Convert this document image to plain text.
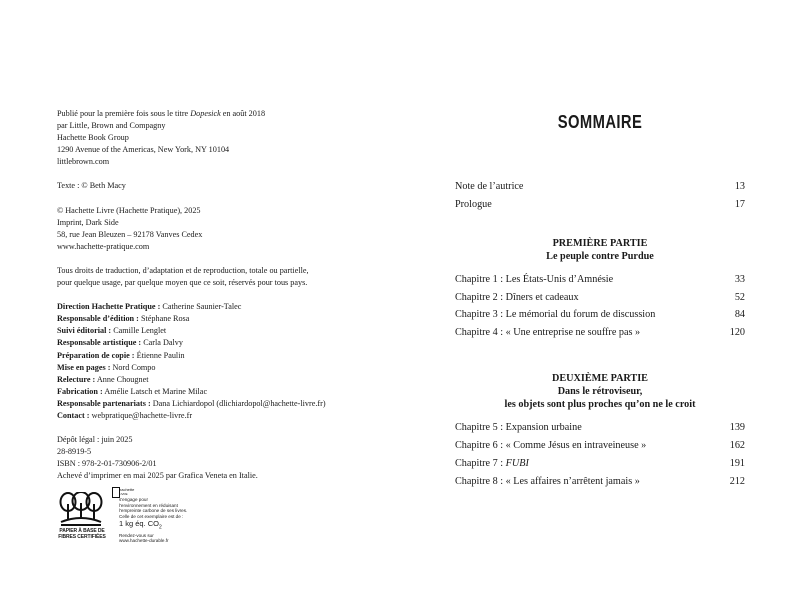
Publié pour la première fois sous le titre Dopesick en août 2018

par Little, Brown and Compagny

Hachette Book Group

1290 Avenue of the Americas, New York, NY 10104

littlebrown.com

Texte : © Beth Macy

© Hachette Livre (Hachette Pratique), 2025

Imprint, Dark Side

58, rue Jean Bleuzen – 92178 Vanves Cedex

www.hachette-pratique.com

Tous droits de traduction, d’adaptation et de reproduction, totale ou partielle,

pour quelque usage, par quelque moyen que ce soit, réservés pour tous pays.

Direction Hachette Pratique : Catherine Saunier-Talec

Responsable d’édition : Stéphane Rosa

Suivi éditorial : Camille Lenglet

Responsable artistique : Carla Dalvy

Préparation de copie : Étienne Paulin

Mise en pages : Nord Compo

Relecture : Anne Chougnet

Fabrication : Amélie Latsch et Marine Milac

Responsable partenariats : Dana Lichiardopol (dlichiardopol@hachette-livre.fr)

Contact : webpratique@hachette-livre.fr

Dépôt légal : juin 2025

28-8919-5

ISBN : 978-2-01-730906-2/01

Achevé d’imprimer en mai 2025 par Grafica Veneta en Italie.

PAPIER À BASE DE
FIBRES CERTIFIÉES
hachette
LIVRE

s'engage pour

l'environnement en réduisant

l'empreinte carbone de ses livres.

Celle de cet exemplaire est de :

1 kg éq. $CO_2$

Rendez-vous sur

www.hachette-durable.fr

SOMMAIRE
Note de l’autrice	13
Prologue	17

PREMIÈRE PARTIE

Le peuple contre Purdue

Chapitre 1 : Les États-Unis d’Amnésie	33
Chapitre 2 : Dîners et cadeaux	52
Chapitre 3 : Le mémorial du forum de discussion	84
Chapitre 4 : « Une entreprise ne souffre pas »	120

DEUXIÈME PARTIE

Dans le rétroviseur,

les objets sont plus proches qu’on ne le croit

Chapitre 5 : Expansion urbaine	139
Chapitre 6 : « Comme Jésus en intraveineuse »	162
Chapitre 7 : FUBI	191
Chapitre 8 : « Les affaires n’arrêtent jamais »	212
